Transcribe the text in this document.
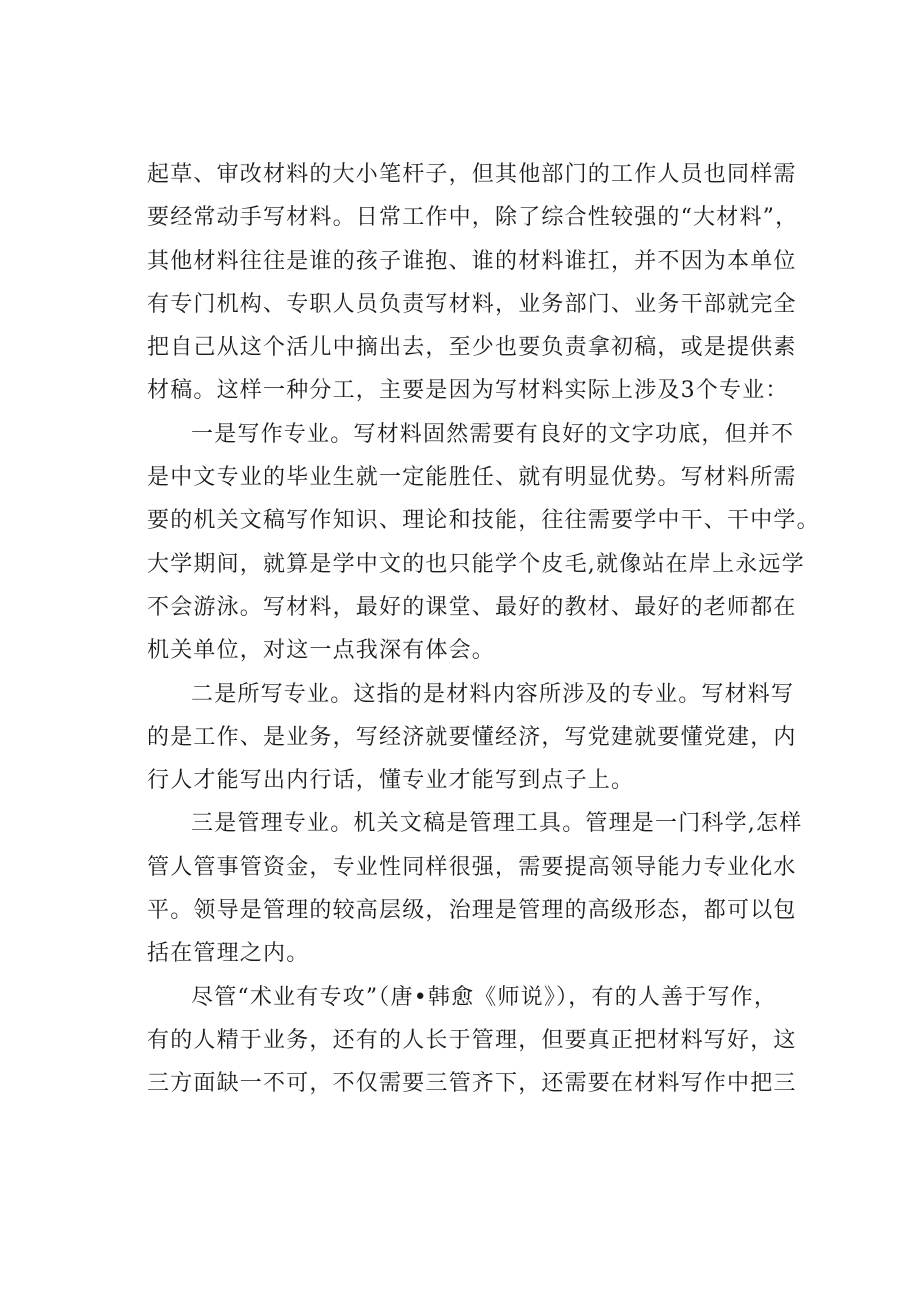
起草、审改材料的大小笔杆子，但其他部门的工作人员也同样需
要经常动手写材料。日常工作中，除了综合性较强的“大材料”，
其他材料往往是谁的孩子谁抱、谁的材料谁扛，并不因为本单位
有专门机构、专职人员负责写材料，业务部门、业务干部就完全
把自己从这个活儿中摘出去，至少也要负责拿初稿，或是提供素
材稿。这样一种分工，主要是因为写材料实际上涉及3个专业：
一是写作专业。写材料固然需要有良好的文字功底，但并不
是中文专业的毕业生就一定能胜任、就有明显优势。写材料所需
要的机关文稿写作知识、理论和技能，往往需要学中干、干中学。
大学期间，就算是学中文的也只能学个皮毛,就像站在岸上永远学
不会游泳。写材料，最好的课堂、最好的教材、最好的老师都在
机关单位，对这一点我深有体会。
二是所写专业。这指的是材料内容所涉及的专业。写材料写
的是工作、是业务，写经济就要懂经济，写党建就要懂党建，内
行人才能写出内行话，懂专业才能写到点子上。
三是管理专业。机关文稿是管理工具。管理是一门科学,怎样
管人管事管资金，专业性同样很强，需要提高领导能力专业化水
平。领导是管理的较高层级，治理是管理的高级形态，都可以包
括在管理之内。
尽管“术业有专攻”（唐•韩愈《师说》），有的人善于写作，
有的人精于业务，还有的人长于管理，但要真正把材料写好，这
三方面缺一不可，不仅需要三管齐下，还需要在材料写作中把三
